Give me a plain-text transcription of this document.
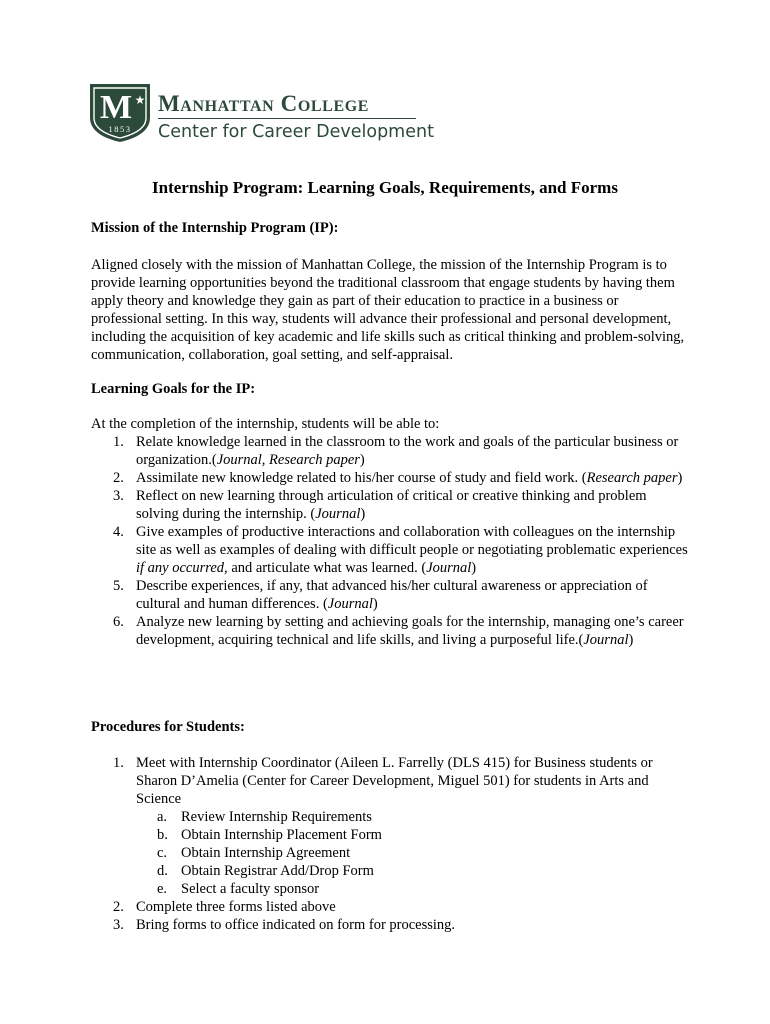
M ★
1853
Manhattan College
Center for Career Development
Internship Program: Learning Goals, Requirements, and Forms
Mission of the Internship Program (IP):
Aligned closely with the mission of Manhattan College, the mission of the Internship Program is to provide learning opportunities beyond the traditional classroom that engage students by having them apply theory and knowledge they gain as part of their education to practice in a business or professional setting. In this way, students will advance their professional and personal development, including the acquisition of key academic and life skills such as critical thinking and problem-solving, communication, collaboration, goal setting, and self-appraisal.
Learning Goals for the IP:
At the completion of the internship, students will be able to:
1. Relate knowledge learned in the classroom to the work and goals of the particular business or organization.(Journal, Research paper)
2. Assimilate new knowledge related to his/her course of study and field work. (Research paper)
3. Reflect on new learning through articulation of critical or creative thinking and problem solving during the internship. (Journal)
4. Give examples of productive interactions and collaboration with colleagues on the internship site as well as examples of dealing with difficult people or negotiating problematic experiences if any occurred, and articulate what was learned. (Journal)
5. Describe experiences, if any, that advanced his/her cultural awareness or appreciation of cultural and human differences. (Journal)
6. Analyze new learning by setting and achieving goals for the internship, managing one’s career development, acquiring technical and life skills, and living a purposeful life.(Journal)
Procedures for Students:
1. Meet with Internship Coordinator (Aileen L. Farrelly (DLS 415) for Business students or Sharon D’Amelia (Center for Career Development, Miguel 501) for students in Arts and Science
a. Review Internship Requirements
b. Obtain Internship Placement Form
c. Obtain Internship Agreement
d. Obtain Registrar Add/Drop Form
e. Select a faculty sponsor
2. Complete three forms listed above
3. Bring forms to office indicated on form for processing.
